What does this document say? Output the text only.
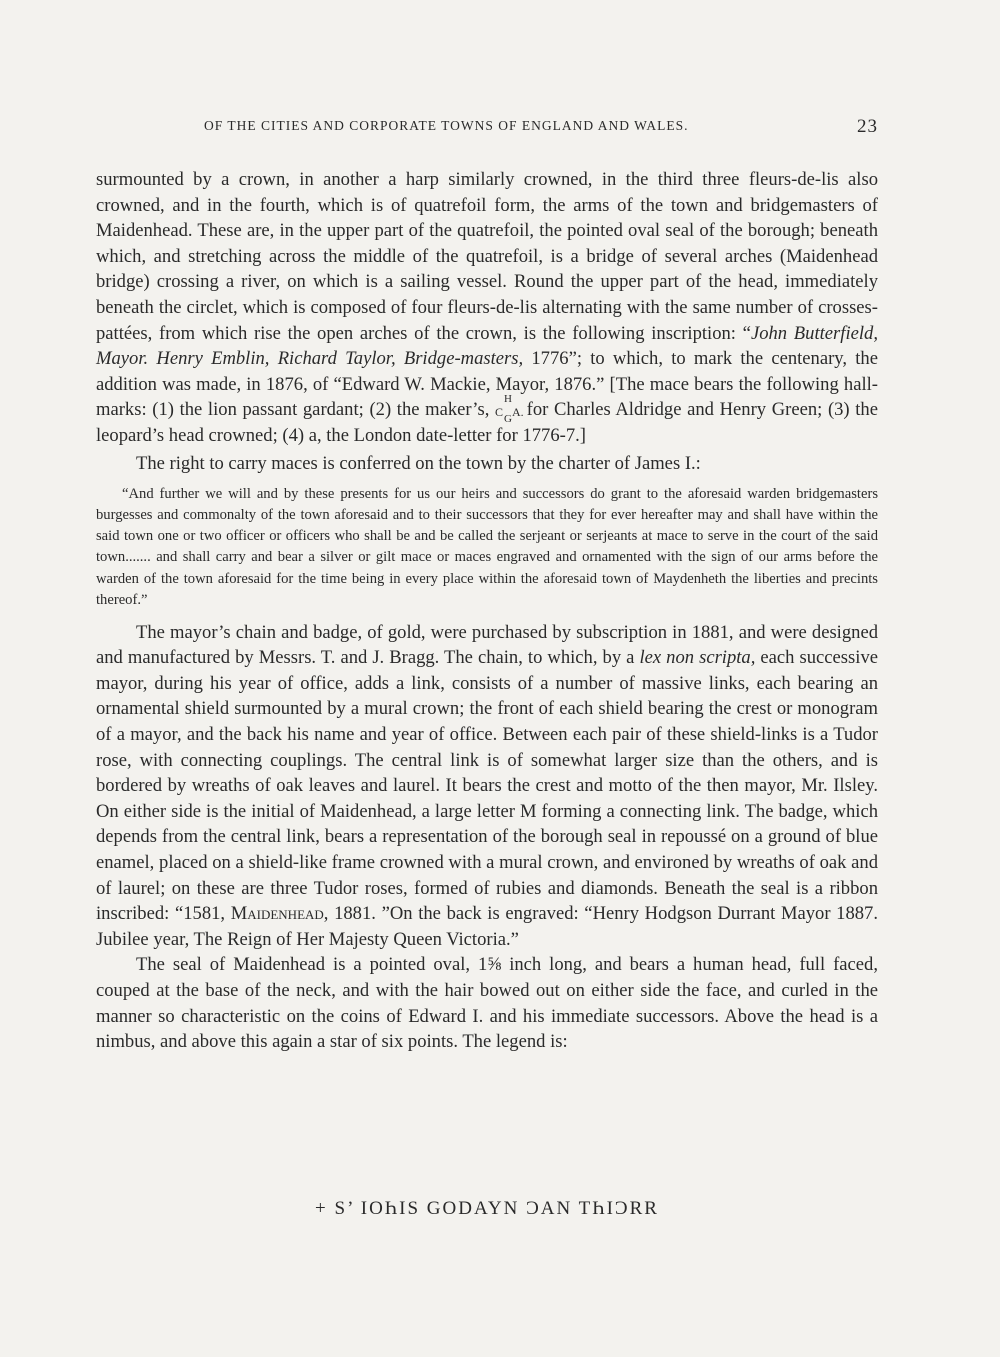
OF THE CITIES AND CORPORATE TOWNS OF ENGLAND AND WALES.	23

surmounted by a crown, in another a harp similarly crowned, in the third three fleurs-de-lis also crowned, and in the fourth, which is of quatrefoil form, the arms of the town and bridgemasters of Maidenhead. These are, in the upper part of the quatrefoil, the pointed oval seal of the borough; beneath which, and stretching across the middle of the quatrefoil, is a bridge of several arches (Maidenhead bridge) crossing a river, on which is a sailing vessel. Round the upper part of the head, immediately beneath the circlet, which is composed of four fleurs-de-lis alternating with the same number of crosses-pattées, from which rise the open arches of the crown, is the following inscription: “John Butterfield, Mayor. Henry Emblin, Richard Taylor, Bridge-masters, 1776”; to which, to mark the centenary, the addition was made, in 1876, of “Edward W. Mackie, Mayor, 1876.” [The mace bears the following hall-marks: (1) the lion passant gardant; (2) the maker’s, C
H
G A.
for Charles Aldridge and Henry Green; (3) the leopard’s head crowned; (4) a, the London date-letter for 1776-7.]

The right to carry maces is conferred on the town by the charter of James I.:

“And further we will and by these presents for us our heirs and successors do grant to the aforesaid warden bridgemasters burgesses and commonalty of the town aforesaid and to their successors that they for ever hereafter may and shall have within the said town one or two officer or officers who shall be and be called the serjeant or serjeants at mace to serve in the court of the said town....... and shall carry and bear a silver or gilt mace or maces engraved and ornamented with the sign of our arms before the warden of the town aforesaid for the time being in every place within the aforesaid town of Maydenheth the liberties and precints thereof.”

The mayor’s chain and badge, of gold, were purchased by subscription in 1881, and were designed and manufactured by Messrs. T. and J. Bragg. The chain, to which, by a lex non scripta, each successive mayor, during his year of office, adds a link, consists of a number of massive links, each bearing an ornamental shield surmounted by a mural crown; the front of each shield bearing the crest or monogram of a mayor, and the back his name and year of office. Between each pair of these shield-links is a Tudor rose, with connecting couplings. The central link is of somewhat larger size than the others, and is bordered by wreaths of oak leaves and laurel. It bears the crest and motto of the then mayor, Mr. Ilsley. On either side is the initial of Maidenhead, a large letter M forming a connecting link. The badge, which depends from the central link, bears a representation of the borough seal in repoussé on a ground of blue enamel, placed on a shield-like frame crowned with a mural crown, and environed by wreaths of oak and of laurel; on these are three Tudor roses, formed of rubies and diamonds. Beneath the seal is a ribbon inscribed: “1581, Maidenhead, 1881. ”On the back is engraved: “Henry Hodgson Durrant Mayor 1887. Jubilee year, The Reign of Her Majesty Queen Victoria.”

The seal of Maidenhead is a pointed oval, 1⅝ inch long, and bears a human head, full faced, couped at the base of the neck, and with the hair bowed out on either side the face, and curled in the manner so characteristic on the coins of Edward I. and his immediate successors. Above the head is a nimbus, and above this again a star of six points. The legend is:

+ S’ IOҺIS GODAYN ƆAN TҺIƆRR
